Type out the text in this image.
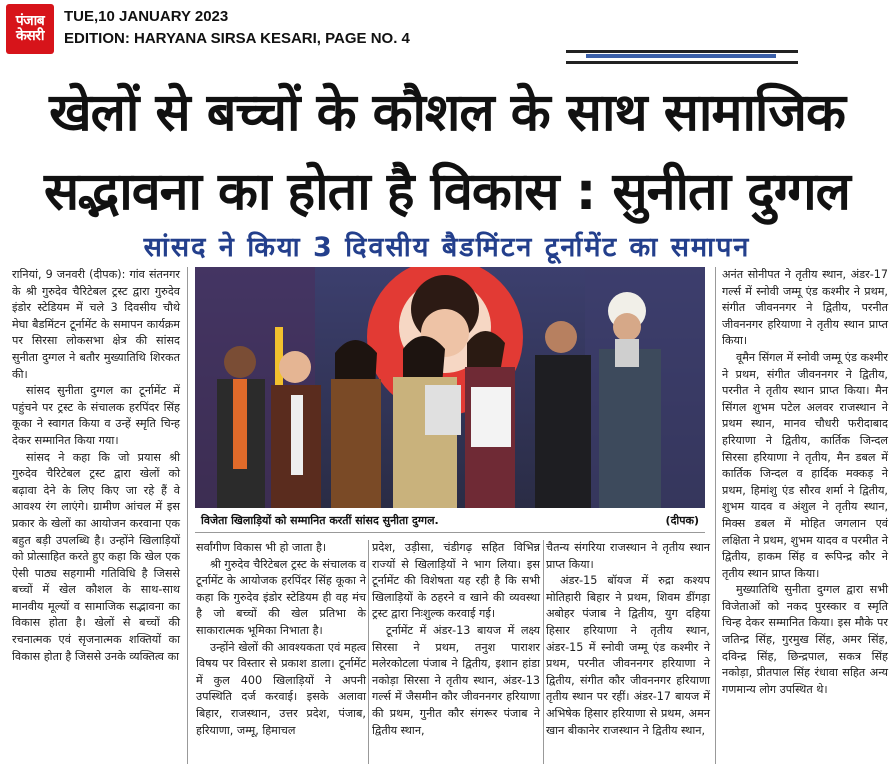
पंजाब
केसरी
TUE,10 JANUARY 2023
EDITION: HARYANA SIRSA KESARI, PAGE NO. 4
खेलों से बच्चों के कौशल के साथ सामाजिक
सद्भावना का होता है विकास : सुनीता दुग्गल
सांसद ने किया 3 दिवसीय बैडमिंटन टूर्नामेंट का समापन

रानियां, 9 जनवरी (दीपक): गांव संतनगर के श्री गुरुदेव चैरिटेबल ट्रस्ट द्वारा गुरुदेव इंडोर स्टेडियम में चले 3 दिवसीय चौथे मेघा बैडमिंटन टूर्नामेंट के समापन कार्यक्रम पर सिरसा लोकसभा क्षेत्र की सांसद सुनीता दुग्गल ने बतौर मुख्यातिथि शिरकत की।

सांसद सुनीता दुग्गल का टूर्नामेंट में पहुंचने पर ट्रस्ट के संचालक हरपिंदर सिंह कूका ने स्वागत किया व उन्हें स्मृति चिन्ह देकर सम्मानित किया गया।

सांसद ने कहा कि जो प्रयास श्री गुरुदेव चैरिटेबल ट्रस्ट द्वारा खेलों को बढ़ावा देने के लिए किए जा रहे हैं वे आवश्य रंग लाएंगे। ग्रामीण आंचल में इस प्रकार के खेलों का आयोजन करवाना एक बहुत बड़ी उपलब्धि है। उन्होंने खिलाड़ियों को प्रोत्साहित करते हुए कहा कि खेल एक ऐसी पाठ्य सहगामी गतिविधि है जिससे बच्चों में खेल कौशल के साथ-साथ मानवीय मूल्यों व सामाजिक सद्भावना का विकास होता है। खेलों से बच्चों की रचनात्मक एवं सृजनात्मक शक्तियों का विकास होता है जिससे उनके व्यक्तित्व का

विजेता खिलाड़ियों को सम्मानित करतीं सांसद सुनीता दुग्गल.	(दीपक)

सर्वांगीण विकास भी हो जाता है।

श्री गुरुदेव चैरिटेबल ट्रस्ट के संचालक व टूर्नामेंट के आयोजक हरपिंदर सिंह कूका ने कहा कि गुरुदेव इंडोर स्टेडियम ही वह मंच है जो बच्चों की खेल प्रतिभा के साकारात्मक भूमिका निभाता है।

उन्होंने खेलों की आवश्यकता एवं महत्व विषय पर विस्तार से प्रकाश डाला। टूर्नामेंट में कुल 400 खिलाड़ियों ने अपनी उपस्थिति दर्ज करवाई। इसके अलावा बिहार, राजस्थान, उत्तर प्रदेश, पंजाब, हरियाणा, जम्मू, हिमाचल

प्रदेश, उड़ीसा, चंडीगढ़ सहित विभिन्न राज्यों से खिलाड़ियों ने भाग लिया। इस टूर्नामेंट की विशेषता यह रही है कि सभी खिलाड़ियों के ठहरने व खाने की व्यवस्था ट्रस्ट द्वारा निःशुल्क करवाई गई।

टूर्नामेंट में अंडर-13 बायज में लक्ष्य सिरसा ने प्रथम, तनुश पाराशर मलेरकोटला पंजाब ने द्वितीय, इशान हांडा नकोड़ा सिरसा ने तृतीय स्थान, अंडर-13 गर्ल्स में जैसमीन कौर जीवननगर हरियाणा की प्रथम, गुनीत कौर संगरूर पंजाब ने द्वितीय स्थान,

चैतन्य संगरिया राजस्थान ने तृतीय स्थान प्राप्त किया।

अंडर-15 बॉयज में रुद्रा कश्यप मोतिहारी बिहार ने प्रथम, शिवम डींगड़ा अबोहर पंजाब ने द्वितीय, युग दहिया हिसार हरियाणा ने तृतीय स्थान, अंडर-15 में स्नोवी जम्मू एंड कश्मीर ने प्रथम, परनीत जीवननगर हरियाणा ने द्वितीय, संगीत कौर जीवननगर हरियाणा तृतीय स्थान पर रहीं। अंडर-17 बायज में अभिषेक हिसार हरियाणा से प्रथम, अमन खान बीकानेर राजस्थान ने द्वितीय स्थान,

अनंत सोनीपत ने तृतीय स्थान, अंडर-17 गर्ल्स में स्नोवी जम्मू एंड कश्मीर ने प्रथम, संगीत जीवननगर ने द्वितीय, परनीत जीवननगर हरियाणा ने तृतीय स्थान प्राप्त किया।

वूमैन सिंगल में स्नोवी जम्मू एंड कश्मीर ने प्रथम, संगीत जीवननगर ने द्वितीय, परनीत ने तृतीय स्थान प्राप्त किया। मैन सिंगल शुभम पटेल अलवर राजस्थान ने प्रथम स्थान, मानव चौधरी फरीदाबाद हरियाणा ने द्वितीय, कार्तिक जिन्दल सिरसा हरियाणा ने तृतीय, मैन डबल में कार्तिक जिन्दल व हार्दिक मक्कड़ ने प्रथम, हिमांशु एंड सौरव शर्मा ने द्वितीय, शुभम यादव व अंशुल ने तृतीय स्थान, मिक्स डबल में मोहित जगलान एवं लक्षिता ने प्रथम, शुभम यादव व परमीत ने द्वितीय, हाकम सिंह व रूपिन्द्र कौर ने तृतीय स्थान प्राप्त किया।

मुख्यातिथि सुनीता दुग्गल द्वारा सभी विजेताओं को नकद पुरस्कार व स्मृति चिन्ह देकर सम्मानित किया। इस मौके पर जतिन्द्र सिंह, गुरमुख सिंह, अमर सिंह, दविन्द्र सिंह, छिन्द्रपाल, सकत्र सिंह नकोड़ा, प्रीतपाल सिंह रंधावा सहित अन्य गणमान्य लोग उपस्थित थे।
